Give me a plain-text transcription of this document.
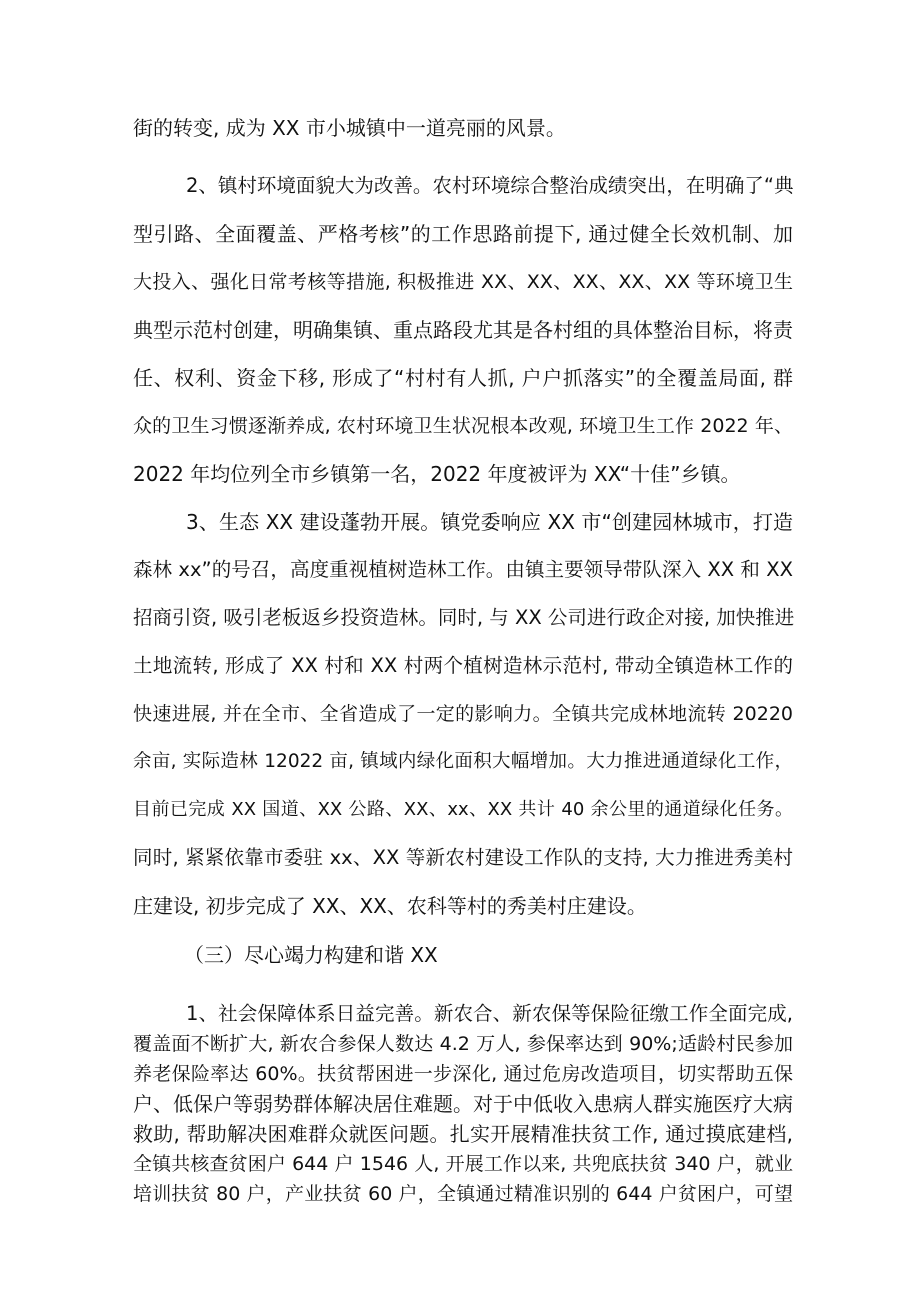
街的转变, 成为 XX 市小城镇中一道亮丽的风景。
2、镇村环境面貌大为改善。农村环境综合整治成绩突出，在明确了“典
型引路、全面覆盖、严格考核”的工作思路前提下, 通过健全长效机制、加
大投入、强化日常考核等措施, 积极推进 XX、XX、XX、XX、XX 等环境卫生
典型示范村创建，明确集镇、重点路段尤其是各村组的具体整治目标，将责
任、权利、资金下移, 形成了“村村有人抓, 户户抓落实”的全覆盖局面, 群
众的卫生习惯逐渐养成, 农村环境卫生状况根本改观, 环境卫生工作 2022 年、
2022 年均位列全市乡镇第一名，2022 年度被评为 XX“十佳”乡镇。
3、生态 XX 建设蓬勃开展。镇党委响应 XX 市“创建园林城市，打造
森林 xx”的号召，高度重视植树造林工作。由镇主要领导带队深入 XX 和 XX
招商引资, 吸引老板返乡投资造林。同时, 与 XX 公司进行政企对接, 加快推进
土地流转, 形成了 XX 村和 XX 村两个植树造林示范村, 带动全镇造林工作的
快速进展, 并在全市、全省造成了一定的影响力。全镇共完成林地流转 20220
余亩, 实际造林 12022 亩, 镇域内绿化面积大幅增加。大力推进通道绿化工作，
目前已完成 XX 国道、XX 公路、XX、xx、XX 共计 40 余公里的通道绿化任务。
同时, 紧紧依靠市委驻 xx、XX 等新农村建设工作队的支持, 大力推进秀美村
庄建设, 初步完成了 XX、XX、农科等村的秀美村庄建设。
（三）尽心竭力构建和谐 XX
1、社会保障体系日益完善。新农合、新农保等保险征缴工作全面完成,
覆盖面不断扩大, 新农合参保人数达 4.2 万人, 参保率达到 90%;适龄村民参加
养老保险率达 60%。扶贫帮困进一步深化, 通过危房改造项目，切实帮助五保
户、低保户等弱势群体解决居住难题。对于中低收入患病人群实施医疗大病
救助, 帮助解决困难群众就医问题。扎实开展精准扶贫工作, 通过摸底建档,
全镇共核查贫困户 644 户 1546 人, 开展工作以来, 共兜底扶贫 340 户，就业
培训扶贫 80 户，产业扶贫 60 户，全镇通过精准识别的 644 户贫困户，可望
